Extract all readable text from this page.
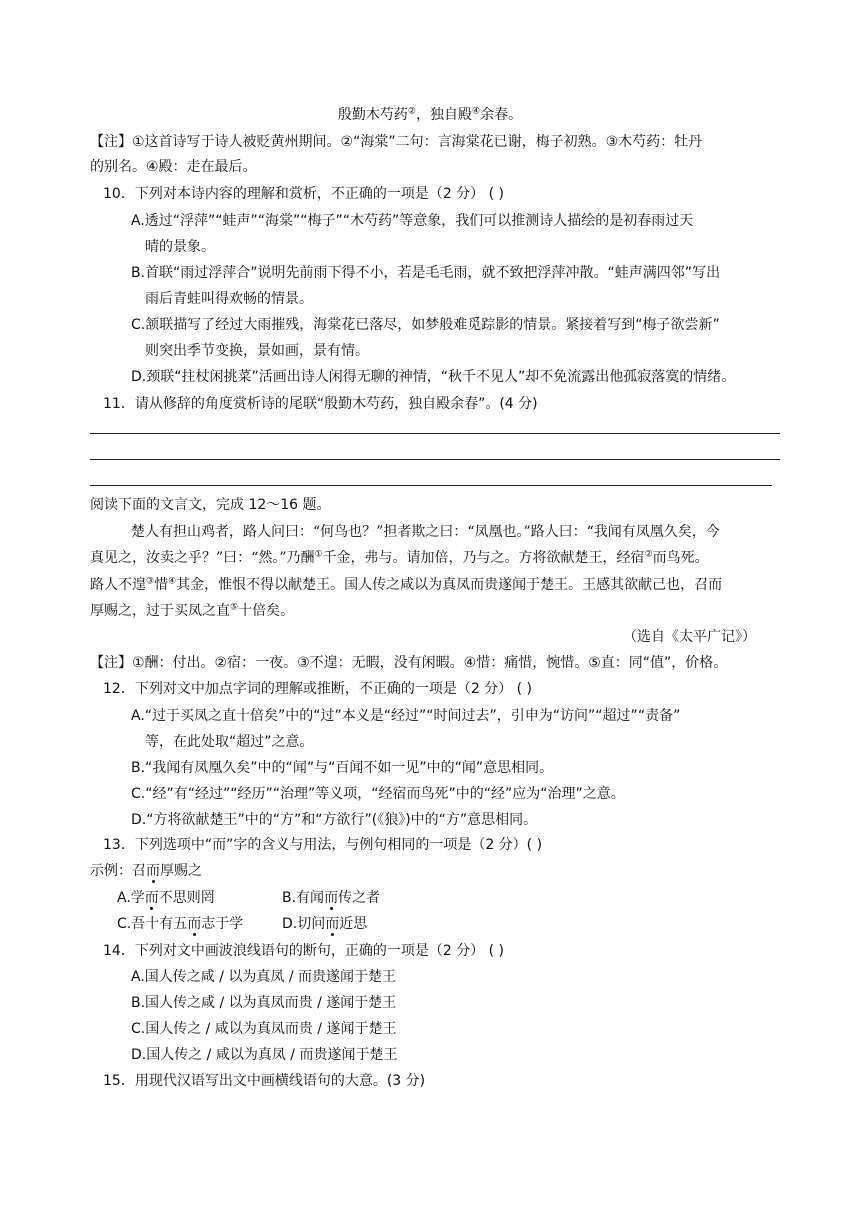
殷勤木芍药②，独自殿④余春。
【注】①这首诗写于诗人被贬黄州期间。②“海棠”二句：言海棠花已谢，梅子初熟。③木芍药：牡丹
的别名。④殿：走在最后。
10．下列对本诗内容的理解和赏析，不正确的一项是（2 分） ( )
A.透过“浮萍”“蛙声”“海棠”“梅子”“木芍药”等意象，我们可以推测诗人描绘的是初春雨过天
晴的景象。
B.首联“雨过浮萍合”说明先前雨下得不小，若是毛毛雨，就不致把浮萍冲散。“蛙声满四邻”写出
雨后青蛙叫得欢畅的情景。
C.颔联描写了经过大雨摧残，海棠花已落尽，如梦般难觅踪影的情景。紧接着写到“梅子欲尝新”
则突出季节变换，景如画，景有情。
D.颈联“拄杖闲挑菜”活画出诗人闲得无聊的神情，“秋千不见人”却不免流露出他孤寂落寞的情绪。
11．请从修辞的角度赏析诗的尾联“殷勤木芍药，独自殿余春”。(4 分)
阅读下面的文言文，完成 12～16 题。
楚人有担山鸡者，路人问曰：“何鸟也？”担者欺之曰：“凤凰也。”路人曰：“我闻有凤凰久矣，今
真见之，汝卖之乎？”曰：“然。”乃酬①千金，弗与。请加倍，乃与之。方将欲献楚王，经宿②而鸟死。
路人不遑③惜④其金，惟恨不得以献楚王。国人传之咸以为真凤而贵遂闻于楚王。王感其欲献己也，召而
厚赐之，过于买凤之直⑤十倍矣。
（选自《太平广记》）
【注】①酬：付出。②宿：一夜。③不遑：无暇，没有闲暇。④惜：痛惜，惋惜。⑤直：同“值”，价格。
12．下列对文中加点字词的理解或推断，不正确的一项是（2 分） ( )
A.“过于买凤之直十倍矣”中的“过”本义是“经过”“时间过去”，引申为“访问”“超过”“责备”
等，在此处取“超过”之意。
B.“我闻有凤凰久矣”中的“闻”与“百闻不如一见”中的“闻”意思相同。
C.“经”有“经过”“经历”“治理”等义项，“经宿而鸟死”中的“经”应为“治理”之意。
D.“方将欲献楚王”中的“方”和“方欲行”(《狼》)中的“方”意思相同。
13．下列选项中“而”字的含义与用法，与例句相同的一项是（2 分）( )
示例：召而厚赐之
A.学而不思则罔	B.有闻而传之者
C.吾十有五而志于学	D.切问而近思
14．下列对文中画波浪线语句的断句，正确的一项是（2 分） ( )
A.国人传之咸 / 以为真凤 / 而贵遂闻于楚王
B.国人传之咸 / 以为真凤而贵 / 遂闻于楚王
C.国人传之 / 咸以为真凤而贵 / 遂闻于楚王
D.国人传之 / 咸以为真凤 / 而贵遂闻于楚王
15．用现代汉语写出文中画横线语句的大意。(3 分)
